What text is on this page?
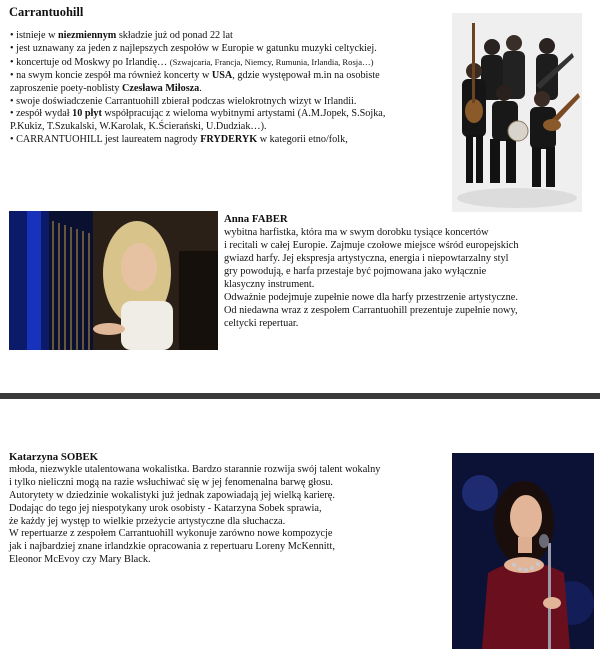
Carrantuohill
• istnieje w niezmiennym składzie już od ponad 22 lat
• jest uznawany za jeden z najlepszych zespołów w Europie w gatunku muzyki celtyckiej.
• koncertuje od Moskwy po Irlandię… (Szwajcaria, Francja, Niemcy, Rumunia, Irlandia, Rosja…)
• na swym koncie zespół ma również koncerty w USA, gdzie występował m.in na osobiste
zaproszenie poety-noblisty Czesława Miłosza.
• swoje doświadczenie Carrantuohill zbierał podczas wielokrotnych wizyt w Irlandii.
• zespół wydał 10 płyt współpracując z wieloma wybitnymi artystami (A.M.Jopek, S.Sojka,
P.Kukiz, T.Szukalski, W.Karolak, K.Ścierański, U.Dudziak…).
• CARRANTUOHILL jest laureatem nagrody FRYDERYK w kategorii etno/folk,
Anna FABER
wybitna harfistka, która ma w swym dorobku tysiące koncertów
i recitali w całej Europie. Zajmuje czołowe miejsce wśród europejskich
gwiazd harfy. Jej ekspresja artystyczna, energia i niepowtarzalny styl
gry powodują, e harfa przestaje być pojmowana jako wyłącznie
klasyczny instrument.
Odważnie podejmuje zupełnie nowe dla harfy przestrzenie artystyczne.
Od niedawna wraz z zespołem Carrantuohill prezentuje zupełnie nowy,
celtycki repertuar.
Katarzyna SOBEK
młoda, niezwykle utalentowana wokalistka. Bardzo starannie rozwija swój talent wokalny
i tylko nieliczni mogą na razie wsłuchiwać się w jej fenomenalna barwę głosu.
Autorytety w dziedzinie wokalistyki już jednak zapowiadają jej wielką karierę.
Dodając do tego jej niespotykany urok osobisty - Katarzyna Sobek sprawia,
że każdy jej występ to wielkie przeżycie artystyczne dla słuchacza.
W repertuarze z zespołem Carrantuohill wykonuje zarówno nowe kompozycje
jak i najbardziej znane irlandzkie opracowania z repertuaru Loreny McKennitt,
Eleonor McEvoy czy Mary Black.
